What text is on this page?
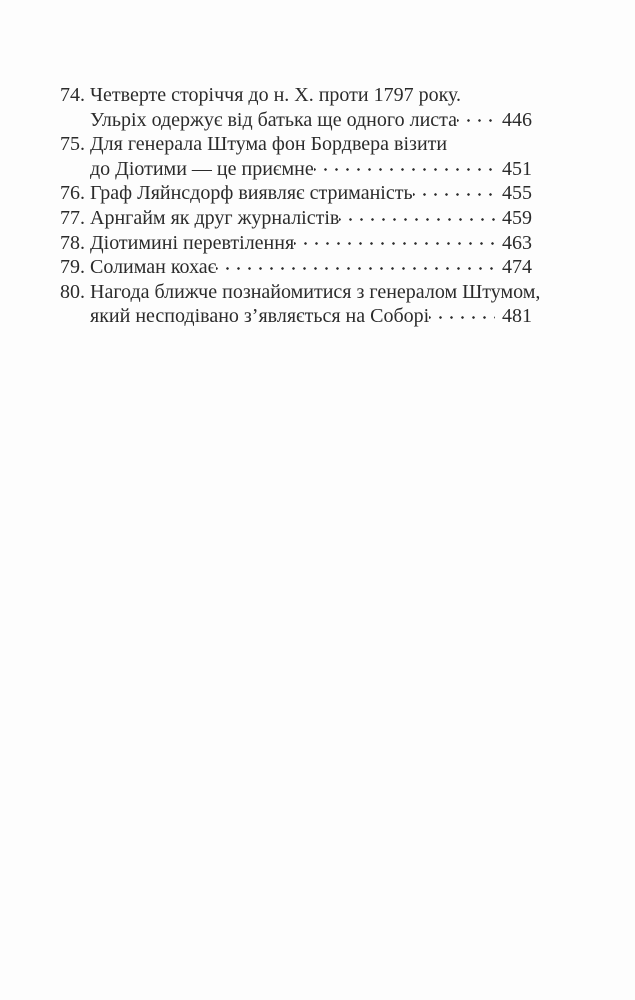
74. Четверте сторіччя до н. Х. проти 1797 року.
Ульріх одержує від батька ще одного листа	446
75. Для генерала Штума фон Бордвера візити
до Діотими — це приємне	451
76. Граф Ляйнсдорф виявляє стриманість	455
77. Арнгайм як друг журналістів	459
78. Діотимині перевтілення	463
79. Солиман кохає	474
80. Нагода ближче познайомитися з генералом Штумом,
який несподівано з’являється на Соборі	481
